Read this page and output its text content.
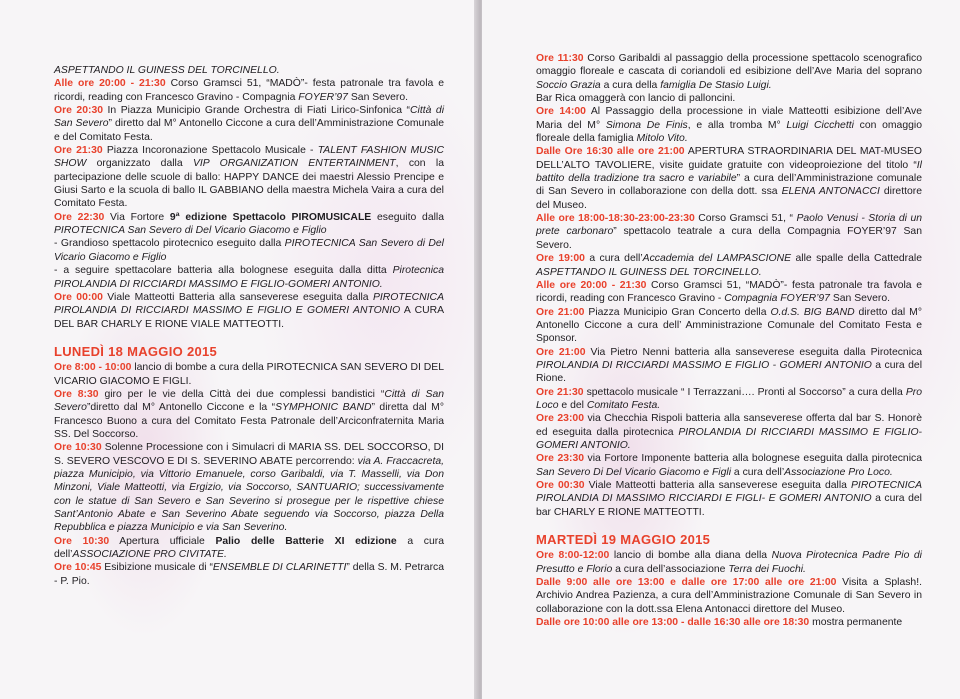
ASPETTANDO IL GUINESS DEL TORCINELLO.

Alle ore 20:00 - 21:30 Corso Gramsci 51, “MADÒ”- festa patronale tra favola e ricordi, reading con Francesco Gravino - Compagnia FOYER’97 San Severo.

Ore 20:30 In Piazza Municipio Grande Orchestra di Fiati Lirico-Sinfonica “Città di San Severo” diretto dal M° Antonello Ciccone a cura dell’Amministrazione Comunale e del Comitato Festa.

Ore 21:30 Piazza Incoronazione Spettacolo Musicale - TALENT FASHION MUSIC SHOW organizzato dalla VIP ORGANIZATION ENTERTAINMENT, con la partecipazione delle scuole di ballo: HAPPY DANCE dei maestri Alessio Prencipe e Giusi Sarto e la scuola di ballo IL GABBIANO della maestra Michela Vaira a cura del Comitato Festa.

Ore 22:30 Via Fortore 9ª edizione Spettacolo PIROMUSICALE eseguito dalla PIROTECNICA San Severo di Del Vicario Giacomo e Figlio

- Grandioso spettacolo pirotecnico eseguito dalla PIROTECNICA San Severo di Del Vicario Giacomo e Figlio

- a seguire spettacolare batteria alla bolognese eseguita dalla ditta Pirotecnica PIROLANDIA DI RICCIARDI MASSIMO E FIGLIO-GOMERI ANTONIO.

Ore 00:00 Viale Matteotti Batteria alla sanseverese eseguita dalla PIROTECNICA PIROLANDIA DI RICCIARDI MASSIMO E FIGLIO E GOMERI ANTONIO A CURA DEL BAR CHARLY E RIONE VIALE MATTEOTTI.

LUNEDÌ 18 MAGGIO 2015

Ore 8:00 - 10:00 lancio di bombe a cura della PIROTECNICA SAN SEVERO DI DEL VICARIO GIACOMO E FIGLI.

Ore 8:30 giro per le vie della Città dei due complessi bandistici “Città di San Severo”diretto dal M° Antonello Ciccone e la “SYMPHONIC BAND” diretta dal M° Francesco Buono a cura del Comitato Festa Patronale dell’Arciconfraternita Maria SS. Del Soccorso.

Ore 10:30 Solenne Processione con i Simulacri di MARIA SS. DEL SOCCORSO, DI S. SEVERO VESCOVO E DI S. SEVERINO ABATE percorrendo: via A. Fraccacreta, piazza Municipio, via Vittorio Emanuele, corso Garibaldi, via T. Masselli, via Don Minzoni, Viale Matteotti, via Ergizio, via Soccorso, SANTUARIO; successivamente con le statue di San Severo e San Severino si prosegue per le rispettive chiese Sant’Antonio Abate e San Severino Abate seguendo via Soccorso, piazza Della Repubblica e piazza Municipio e via San Severino.

Ore 10:30 Apertura ufficiale Palio delle Batterie XI edizione a cura dell’ASSOCIAZIONE PRO CIVITATE.

Ore 10:45 Esibizione musicale di “ENSEMBLE DI CLARINETTI” della S. M. Petrarca - P. Pio.

Ore 11:30 Corso Garibaldi al passaggio della processione spettacolo scenografico omaggio floreale e cascata di coriandoli ed esibizione dell’Ave Maria del soprano Soccio Grazia a cura della famiglia De Stasio Luigi.

Bar Rica omaggerà con lancio di palloncini.

Ore 14:00 Al Passaggio della processione in viale Matteotti esibizione dell’Ave Maria del M° Simona De Finis, e alla tromba M° Luigi Cicchetti con omaggio floreale della famiglia Mitolo Vito.

Dalle Ore 16:30 alle ore 21:00 APERTURA STRAORDINARIA DEL MAT-MUSEO DELL’ALTO TAVOLIERE, visite guidate gratuite con videoproiezione del titolo “Il battito della tradizione tra sacro e variabile” a cura dell’Amministrazione comunale di San Severo in collaborazione con della dott. ssa ELENA ANTONACCI direttore del Museo.

Alle ore 18:00-18:30-23:00-23:30 Corso Gramsci 51, “ Paolo Venusi - Storia di un prete carbonaro” spettacolo teatrale a cura della Compagnia FOYER’97 San Severo.

Ore 19:00 a cura dell’Accademia del LAMPASCIONE alle spalle della Cattedrale ASPETTANDO IL GUINESS DEL TORCINELLO.

Alle ore 20:00 - 21:30 Corso Gramsci 51, “MADÒ”- festa patronale tra favola e ricordi, reading con Francesco Gravino - Compagnia FOYER’97 San Severo.

Ore 21:00 Piazza Municipio Gran Concerto della O.d.S. BIG BAND diretto dal M° Antonello Ciccone a cura dell’ Amministrazione Comunale del Comitato Festa e Sponsor.

Ore 21:00 Via Pietro Nenni batteria alla sanseverese eseguita dalla Pirotecnica PIROLANDIA DI RICCIARDI MASSIMO E FIGLIO - GOMERI ANTONIO a cura del Rione.

Ore 21:30 spettacolo musicale “ I Terrazzani…. Pronti al Soccorso” a cura della Pro Loco e del Comitato Festa.

Ore 23:00 via Checchia Rispoli batteria alla sanseverese offerta dal bar S. Honorè ed eseguita dalla pirotecnica PIROLANDIA DI RICCIARDI MASSIMO E FIGLIO- GOMERI ANTONIO.

Ore 23:30 via Fortore Imponente batteria alla bolognese eseguita dalla pirotecnica San Severo Di Del Vicario Giacomo e Figli a cura dell’Associazione Pro Loco.

Ore 00:30 Viale Matteotti batteria alla sanseverese eseguita dalla PIROTECNICA PIROLANDIA DI MASSIMO RICCIARDI E FIGLI- E GOMERI ANTONIO a cura del bar CHARLY E RIONE MATTEOTTI.

MARTEDÌ 19 MAGGIO 2015

Ore 8:00-12:00 lancio di bombe alla diana della Nuova Pirotecnica Padre Pio di Presutto e Florio a cura dell’associazione Terra dei Fuochi.

Dalle 9:00 alle ore 13:00 e dalle ore 17:00 alle ore 21:00 Visita a Splash!. Archivio Andrea Pazienza, a cura dell’Amministrazione Comunale di San Severo in collaborazione con la dott.ssa Elena Antonacci direttore del Museo.

Dalle ore 10:00 alle ore 13:00 - dalle 16:30 alle ore 18:30 mostra permanente
